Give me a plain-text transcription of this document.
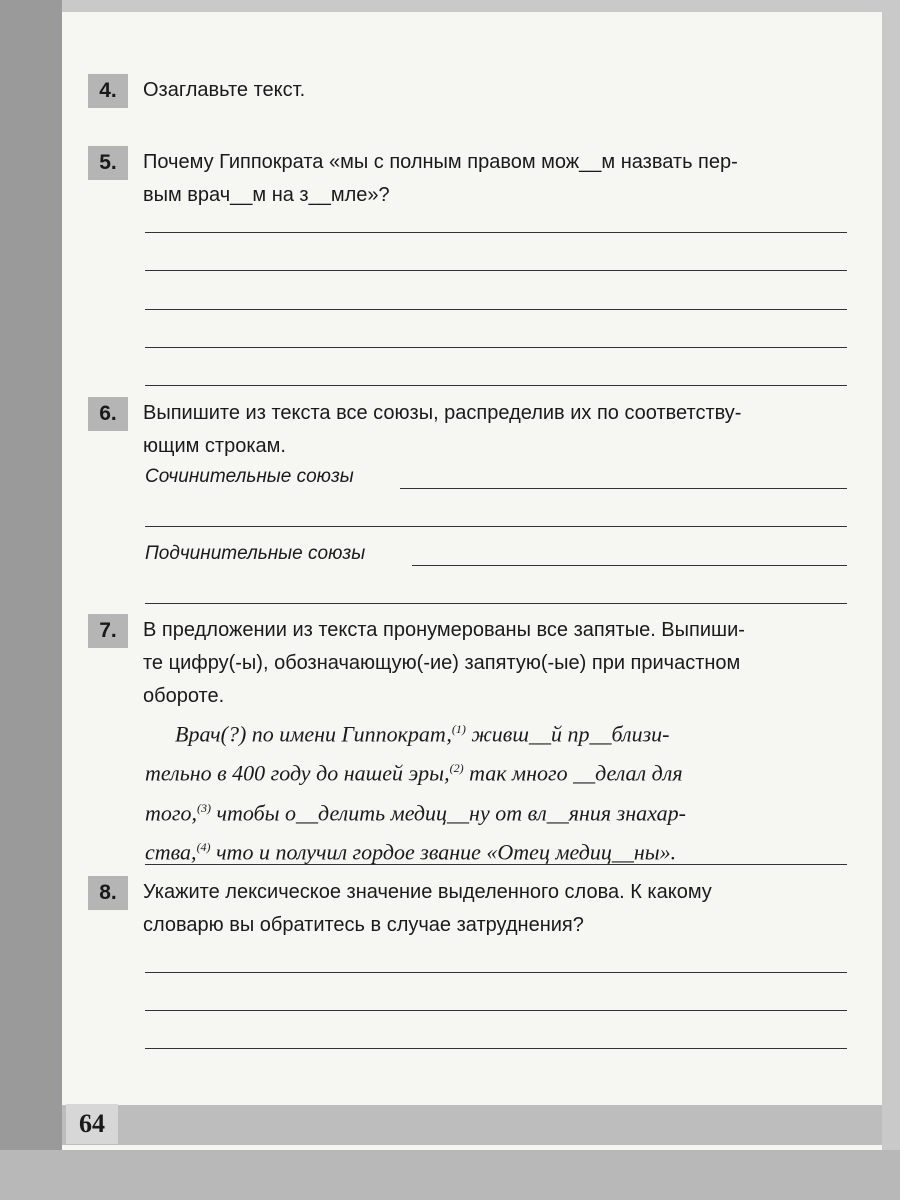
64
4.	Озаглавьте текст.
5.	Почему Гиппократа «мы с полным правом мож__м назвать пер-
вым врач__м на з__мле»?
6.	Выпишите из текста все союзы, распределив их по соответству-
ющим строкам.
Сочинительные союзы
Подчинительные союзы
7.	В предложении из текста пронумерованы все запятые. Выпиши-
те цифру(-ы), обозначающую(-ие) запятую(-ые) при причастном
обороте.

Врач(?) по имени Гиппократ,$^{(1)}$ живш__й пр__близи-

тельно в 400 году до нашей эры,$^{(2)}$ так много __делал для
того,$^{(3)}$ чтобы о__делить медиц__ну от вл__яния знахар-
ства,$^{(4)}$ что и получил гордое звание «Отец медиц__ны».
8.	Укажите лексическое значение выделенного слова. К какому
словарю вы обратитесь в случае затруднения?
